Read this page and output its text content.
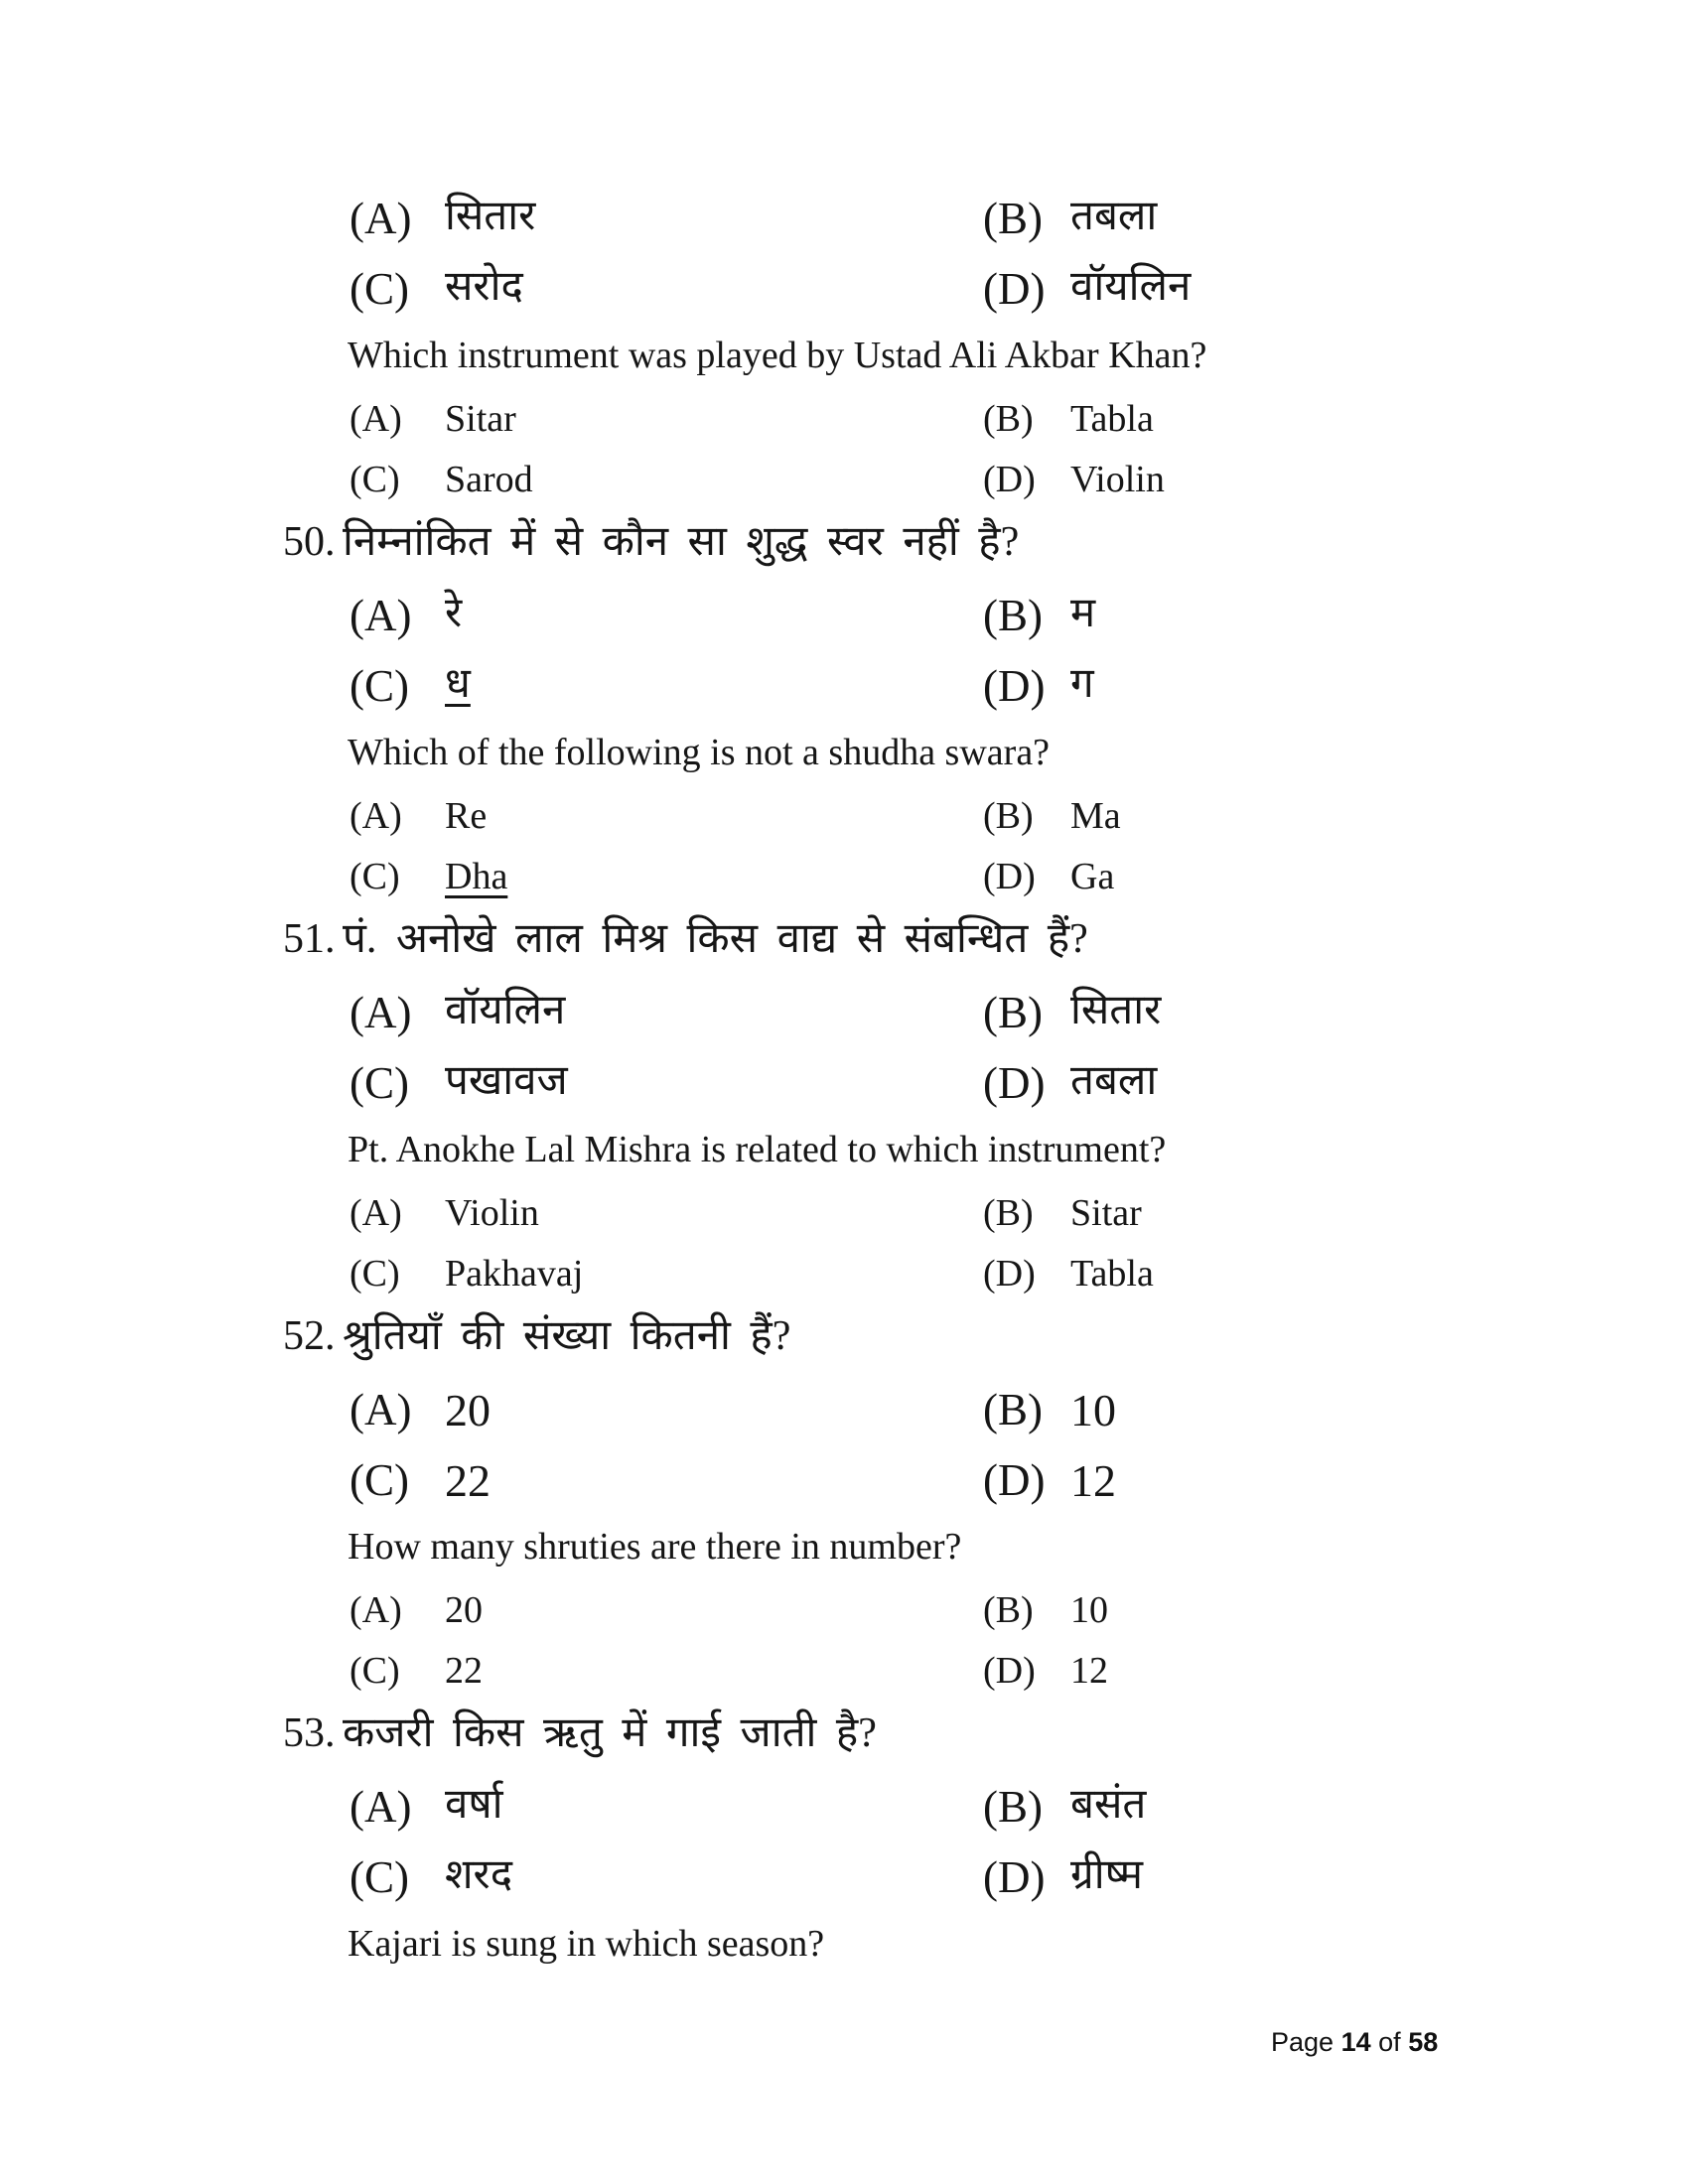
(A) सितार	(B) तबला
(C) सरोद	(D) वॉयलिन
Which instrument was played by Ustad Ali Akbar Khan?
(A) Sitar	(B) Tabla
(C) Sarod	(D) Violin
50. निम्नांकित में से कौन सा शुद्ध स्वर नहीं है?
(A) रे	(B) म
(C) ध	(D) ग
Which of the following is not a shudha swara?
(A) Re	(B) Ma
(C) Dha	(D) Ga
51. पं. अनोखे लाल मिश्र किस वाद्य से संबन्धित हैं?
(A) वॉयलिन	(B) सितार
(C) पखावज	(D) तबला
Pt. Anokhe Lal Mishra is related to which instrument?
(A) Violin	(B) Sitar
(C) Pakhavaj	(D) Tabla
52. श्रुतियाँ की संख्या कितनी हैं?
(A) 20	(B) 10
(C) 22	(D) 12
How many shruties are there in number?
(A) 20	(B) 10
(C) 22	(D) 12
53. कजरी किस ऋतु में गाई जाती है?
(A) वर्षा	(B) बसंत
(C) शरद	(D) ग्रीष्म
Kajari is sung in which season?
Page 14 of 58
